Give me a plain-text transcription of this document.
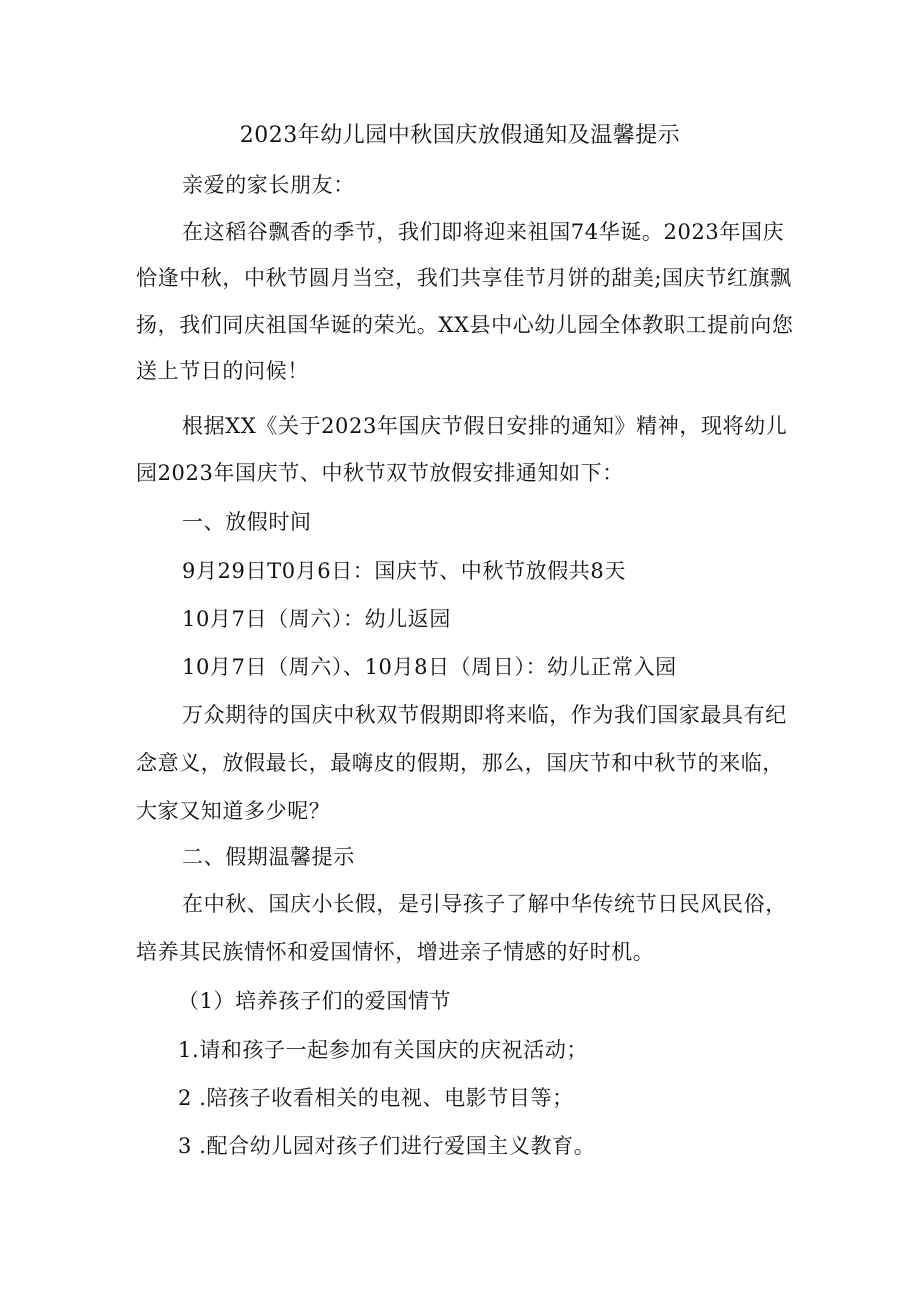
2023年幼儿园中秋国庆放假通知及温馨提示
亲爱的家长朋友：
在这稻谷飘香的季节，我们即将迎来祖国74华诞。2023年国庆
恰逢中秋，中秋节圆月当空，我们共享佳节月饼的甜美;国庆节红旗飘
扬，我们同庆祖国华诞的荣光。XX县中心幼儿园全体教职工提前向您
送上节日的问候！
根据XX《关于2023年国庆节假日安排的通知》精神，现将幼儿
园2023年国庆节、中秋节双节放假安排通知如下：
一、放假时间
9月29日T0月6日：国庆节、中秋节放假共8天
10月7日（周六）：幼儿返园
10月7日（周六）、10月8日（周日）：幼儿正常入园
万众期待的国庆中秋双节假期即将来临，作为我们国家最具有纪
念意义，放假最长，最嗨皮的假期，那么，国庆节和中秋节的来临，
大家又知道多少呢？
二、假期温馨提示
在中秋、国庆小长假，是引导孩子了解中华传统节日民风民俗，
培养其民族情怀和爱国情怀，增进亲子情感的好时机。
（1）培养孩子们的爱国情节
1.请和孩子一起参加有关国庆的庆祝活动；
2 .陪孩子收看相关的电视、电影节目等；
3 .配合幼儿园对孩子们进行爱国主义教育。
